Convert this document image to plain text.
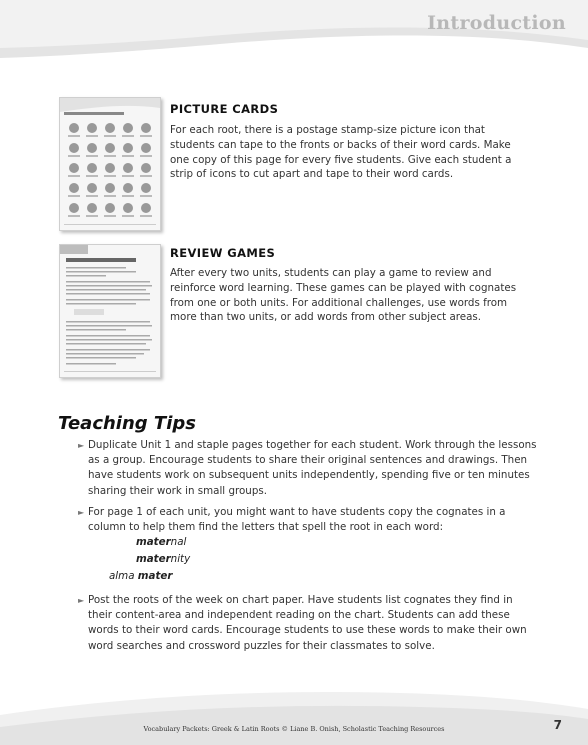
Introduction
PICTURE CARDS
For each root, there is a postage stamp-size picture icon that students can tape to the fronts or backs of their word cards. Make one copy of this page for every five students. Give each student a strip of icons to cut apart and tape to their word cards.
REVIEW GAMES
After every two units, students can play a game to review and reinforce word learning. These games can be played with cognates from one or both units. For additional challenges, use words from more than two units, or add words from other subject areas.
Teaching Tips
► Duplicate Unit 1 and staple pages together for each student. Work through the lessons as a group. Encourage students to share their original sentences and drawings. Then have students work on subsequent units independently, spending five or ten minutes sharing their work in small groups.
► For page 1 of each unit, you might want to have students copy the cognates in a column to help them find the letters that spell the root in each word:
maternal
maternity
alma mater
► Post the roots of the week on chart paper. Have students list cognates they find in their content-area and independent reading on the chart. Students can add these words to their word cards. Encourage students to use these words to make their own word searches and crossword puzzles for their classmates to solve.
Vocabulary Packets: Greek & Latin Roots © Liane B. Onish, Scholastic Teaching Resources	7
